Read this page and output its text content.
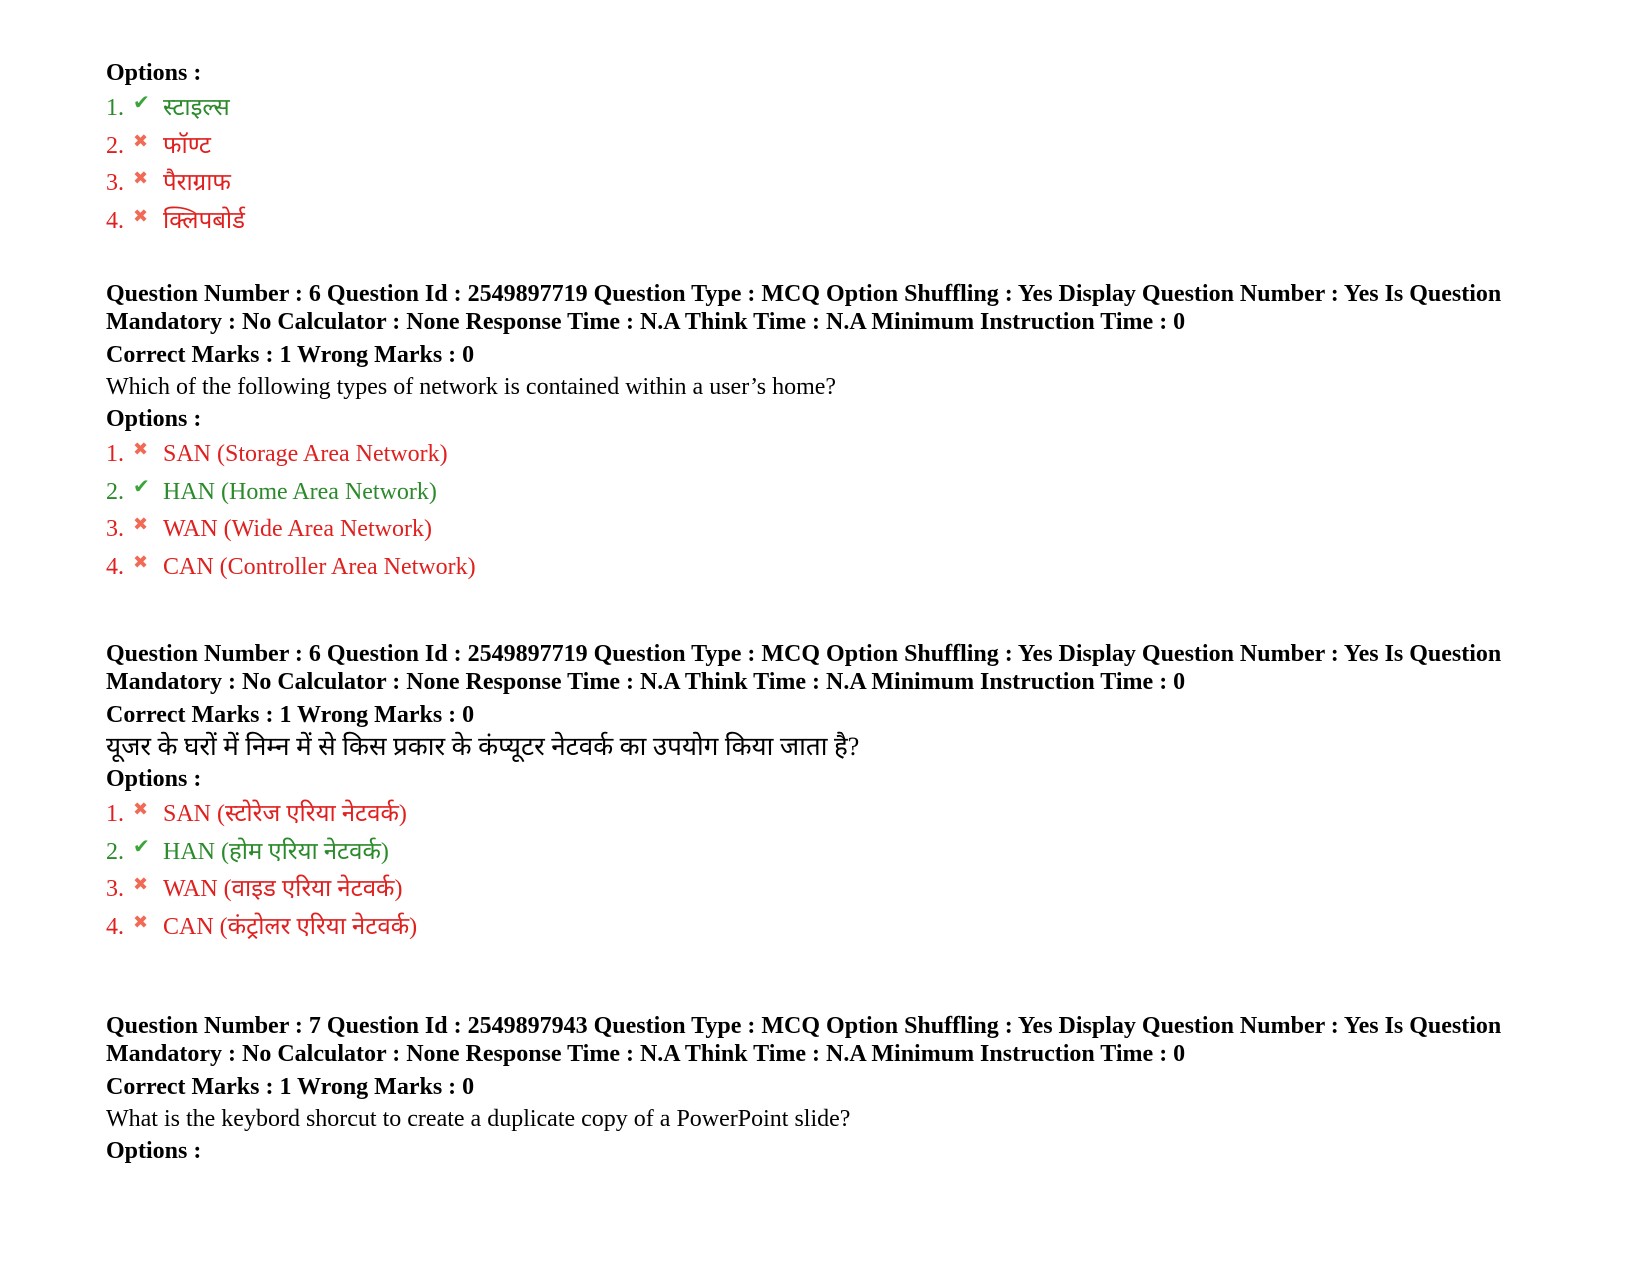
Options :

1. ✔ स्टाइल्स
2. ✖ फॉण्ट
3. ✖ पैराग्राफ
4. ✖ क्लिपबोर्ड

Question Number : 6 Question Id : 2549897719 Question Type : MCQ Option Shuffling : Yes Display Question Number : Yes Is Question Mandatory : No Calculator : None Response Time : N.A Think Time : N.A Minimum Instruction Time : 0

Correct Marks : 1 Wrong Marks : 0

Which of the following types of network is contained within a user’s home?

Options :

1. ✖ SAN (Storage Area Network)
2. ✔ HAN (Home Area Network)
3. ✖ WAN (Wide Area Network)
4. ✖ CAN (Controller Area Network)

Question Number : 6 Question Id : 2549897719 Question Type : MCQ Option Shuffling : Yes Display Question Number : Yes Is Question Mandatory : No Calculator : None Response Time : N.A Think Time : N.A Minimum Instruction Time : 0

Correct Marks : 1 Wrong Marks : 0

यूजर के घरों में निम्न में से किस प्रकार के कंप्यूटर नेटवर्क का उपयोग किया जाता है?

Options :

1. ✖ SAN (स्टोरेज एरिया नेटवर्क)
2. ✔ HAN (होम एरिया नेटवर्क)
3. ✖ WAN (वाइड एरिया नेटवर्क)
4. ✖ CAN (कंट्रोलर एरिया नेटवर्क)

Question Number : 7 Question Id : 2549897943 Question Type : MCQ Option Shuffling : Yes Display Question Number : Yes Is Question Mandatory : No Calculator : None Response Time : N.A Think Time : N.A Minimum Instruction Time : 0

Correct Marks : 1 Wrong Marks : 0

What is the keybord shorcut to create a duplicate copy of a PowerPoint slide?

Options :
